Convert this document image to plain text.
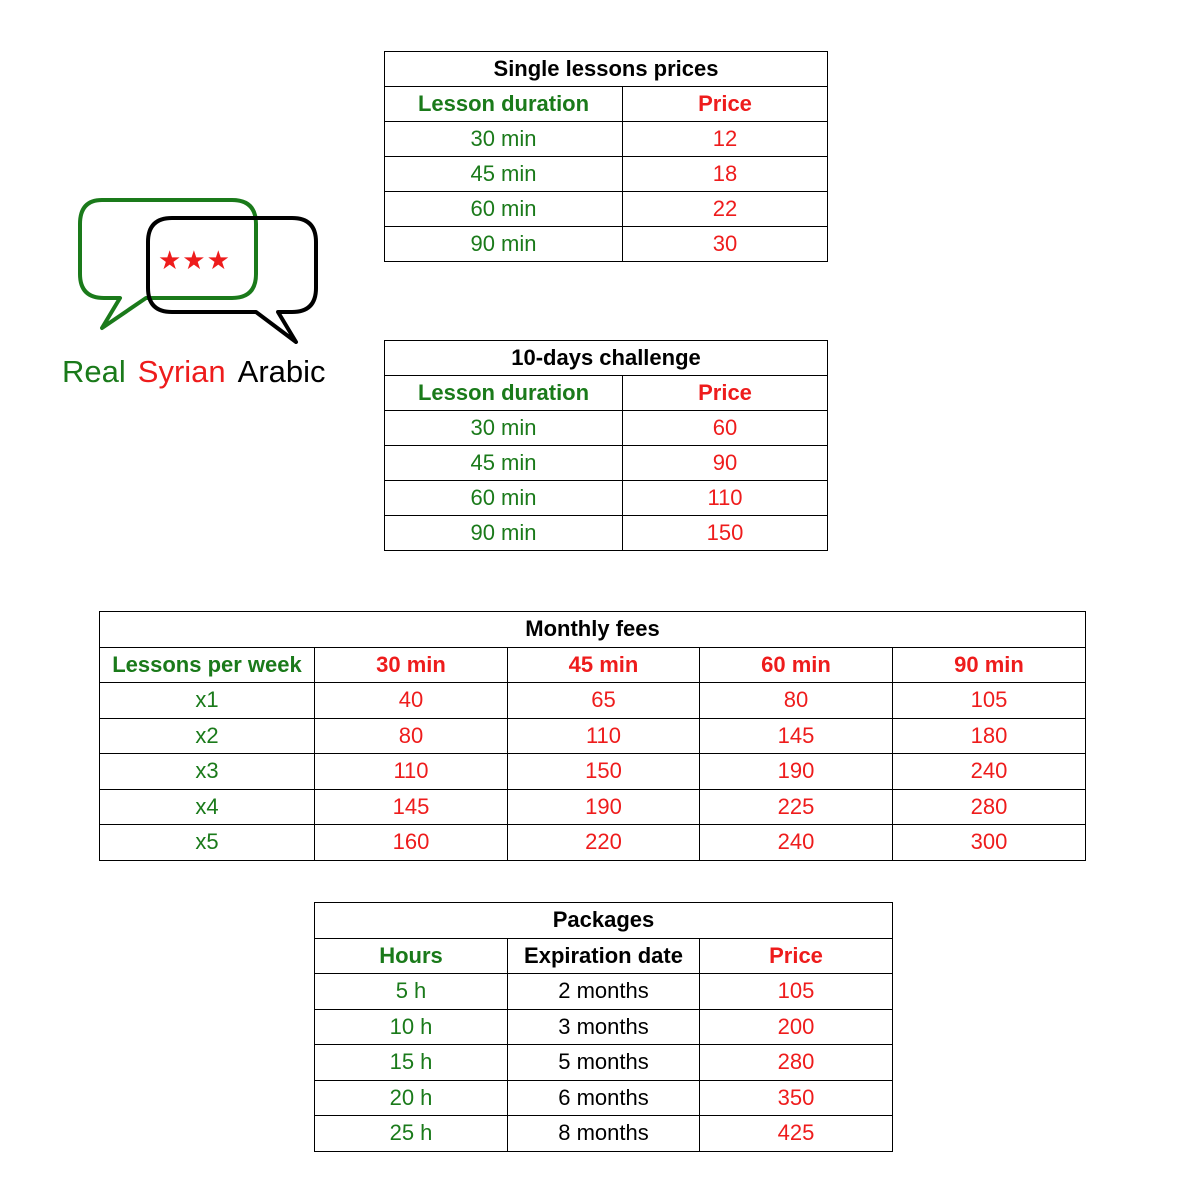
★★★
Real Syrian Arabic
Single lessons prices	
Lesson duration	Price
30 min	12
45 min	18
60 min	22
90 min	30
10-days challenge	
Lesson duration	Price
30 min	60
45 min	90
60 min	110
90 min	150
Monthly fees				
Lessons per week	30 min	45 min	60 min	90 min
x1	40	65	80	105
x2	80	110	145	180
x3	110	150	190	240
x4	145	190	225	280
x5	160	220	240	300
Packages		
Hours	Expiration date	Price
5 h	2 months	105
10 h	3 months	200
15 h	5 months	280
20 h	6 months	350
25 h	8 months	425
